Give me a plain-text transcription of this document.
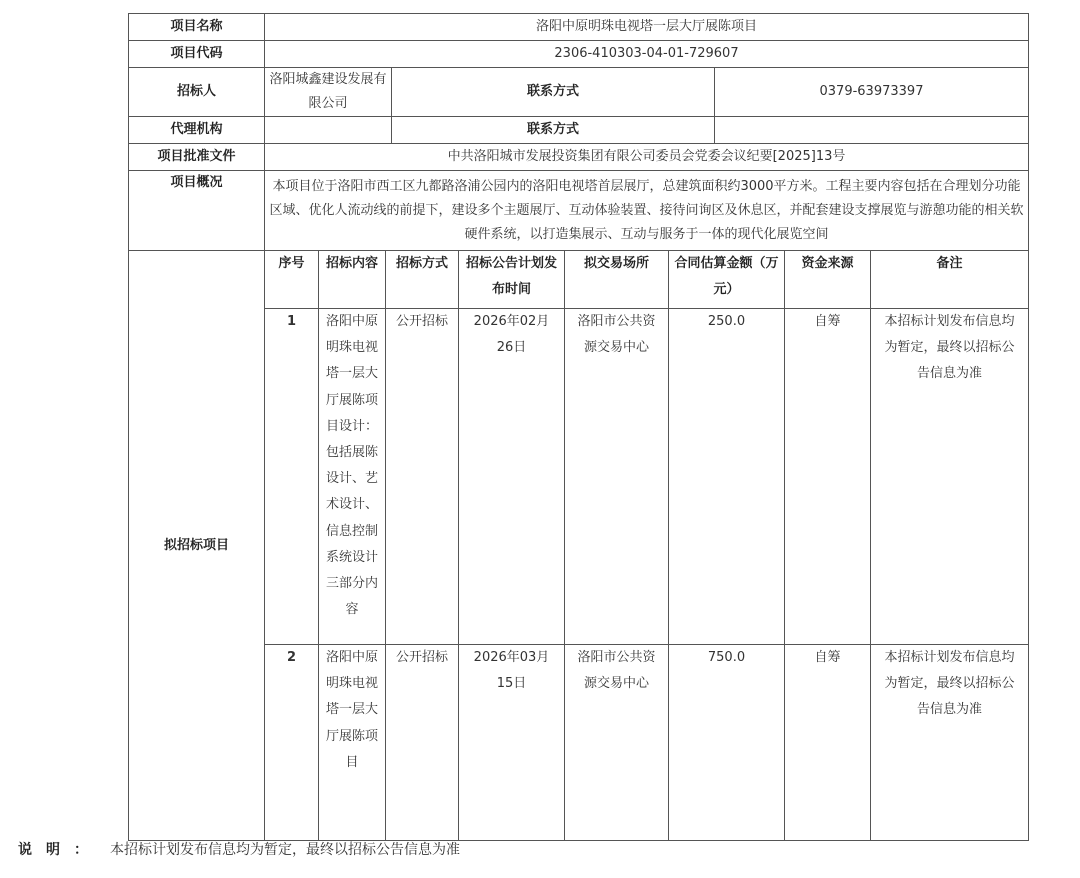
项目名称	洛阳中原明珠电视塔一层大厅展陈项目									
项目代码	2306-410303-04-01-729607									
招标人	洛阳城鑫建设发展有限公司			联系方式				0379-63973397		
代理机构				联系方式						
项目批准文件	中共洛阳城市发展投资集团有限公司委员会党委会议纪要[2025]13号									
项目概况	本项目位于洛阳市西工区九都路洛浦公园内的洛阳电视塔首层展厅，总建筑面积约3000平方米。工程主要内容包括在合理划分功能区域、优化人流动线的前提下，建设多个主题展厅、互动体验装置、接待问询区及休息区，并配套建设支撑展览与游憩功能的相关软硬件系统，以打造集展示、互动与服务于一体的现代化展览空间									
拟招标项目	序号	招标内容	招标方式		招标公告计划发布时间	拟交易场所	合同估算金额（万元）		资金来源	备注
	1	洛阳中原明珠电视塔一层大厅展陈项目设计：包括展陈设计、艺术设计、信息控制系统设计三部分内容	公开招标		2026年02月26日	洛阳市公共资源交易中心	250.0		自筹	本招标计划发布信息均为暂定，最终以招标公告信息为准
	2	洛阳中原明珠电视塔一层大厅展陈项目	公开招标		2026年03月15日	洛阳市公共资源交易中心	750.0		自筹	本招标计划发布信息均为暂定，最终以招标公告信息为准
说明： 本招标计划发布信息均为暂定，最终以招标公告信息为准
